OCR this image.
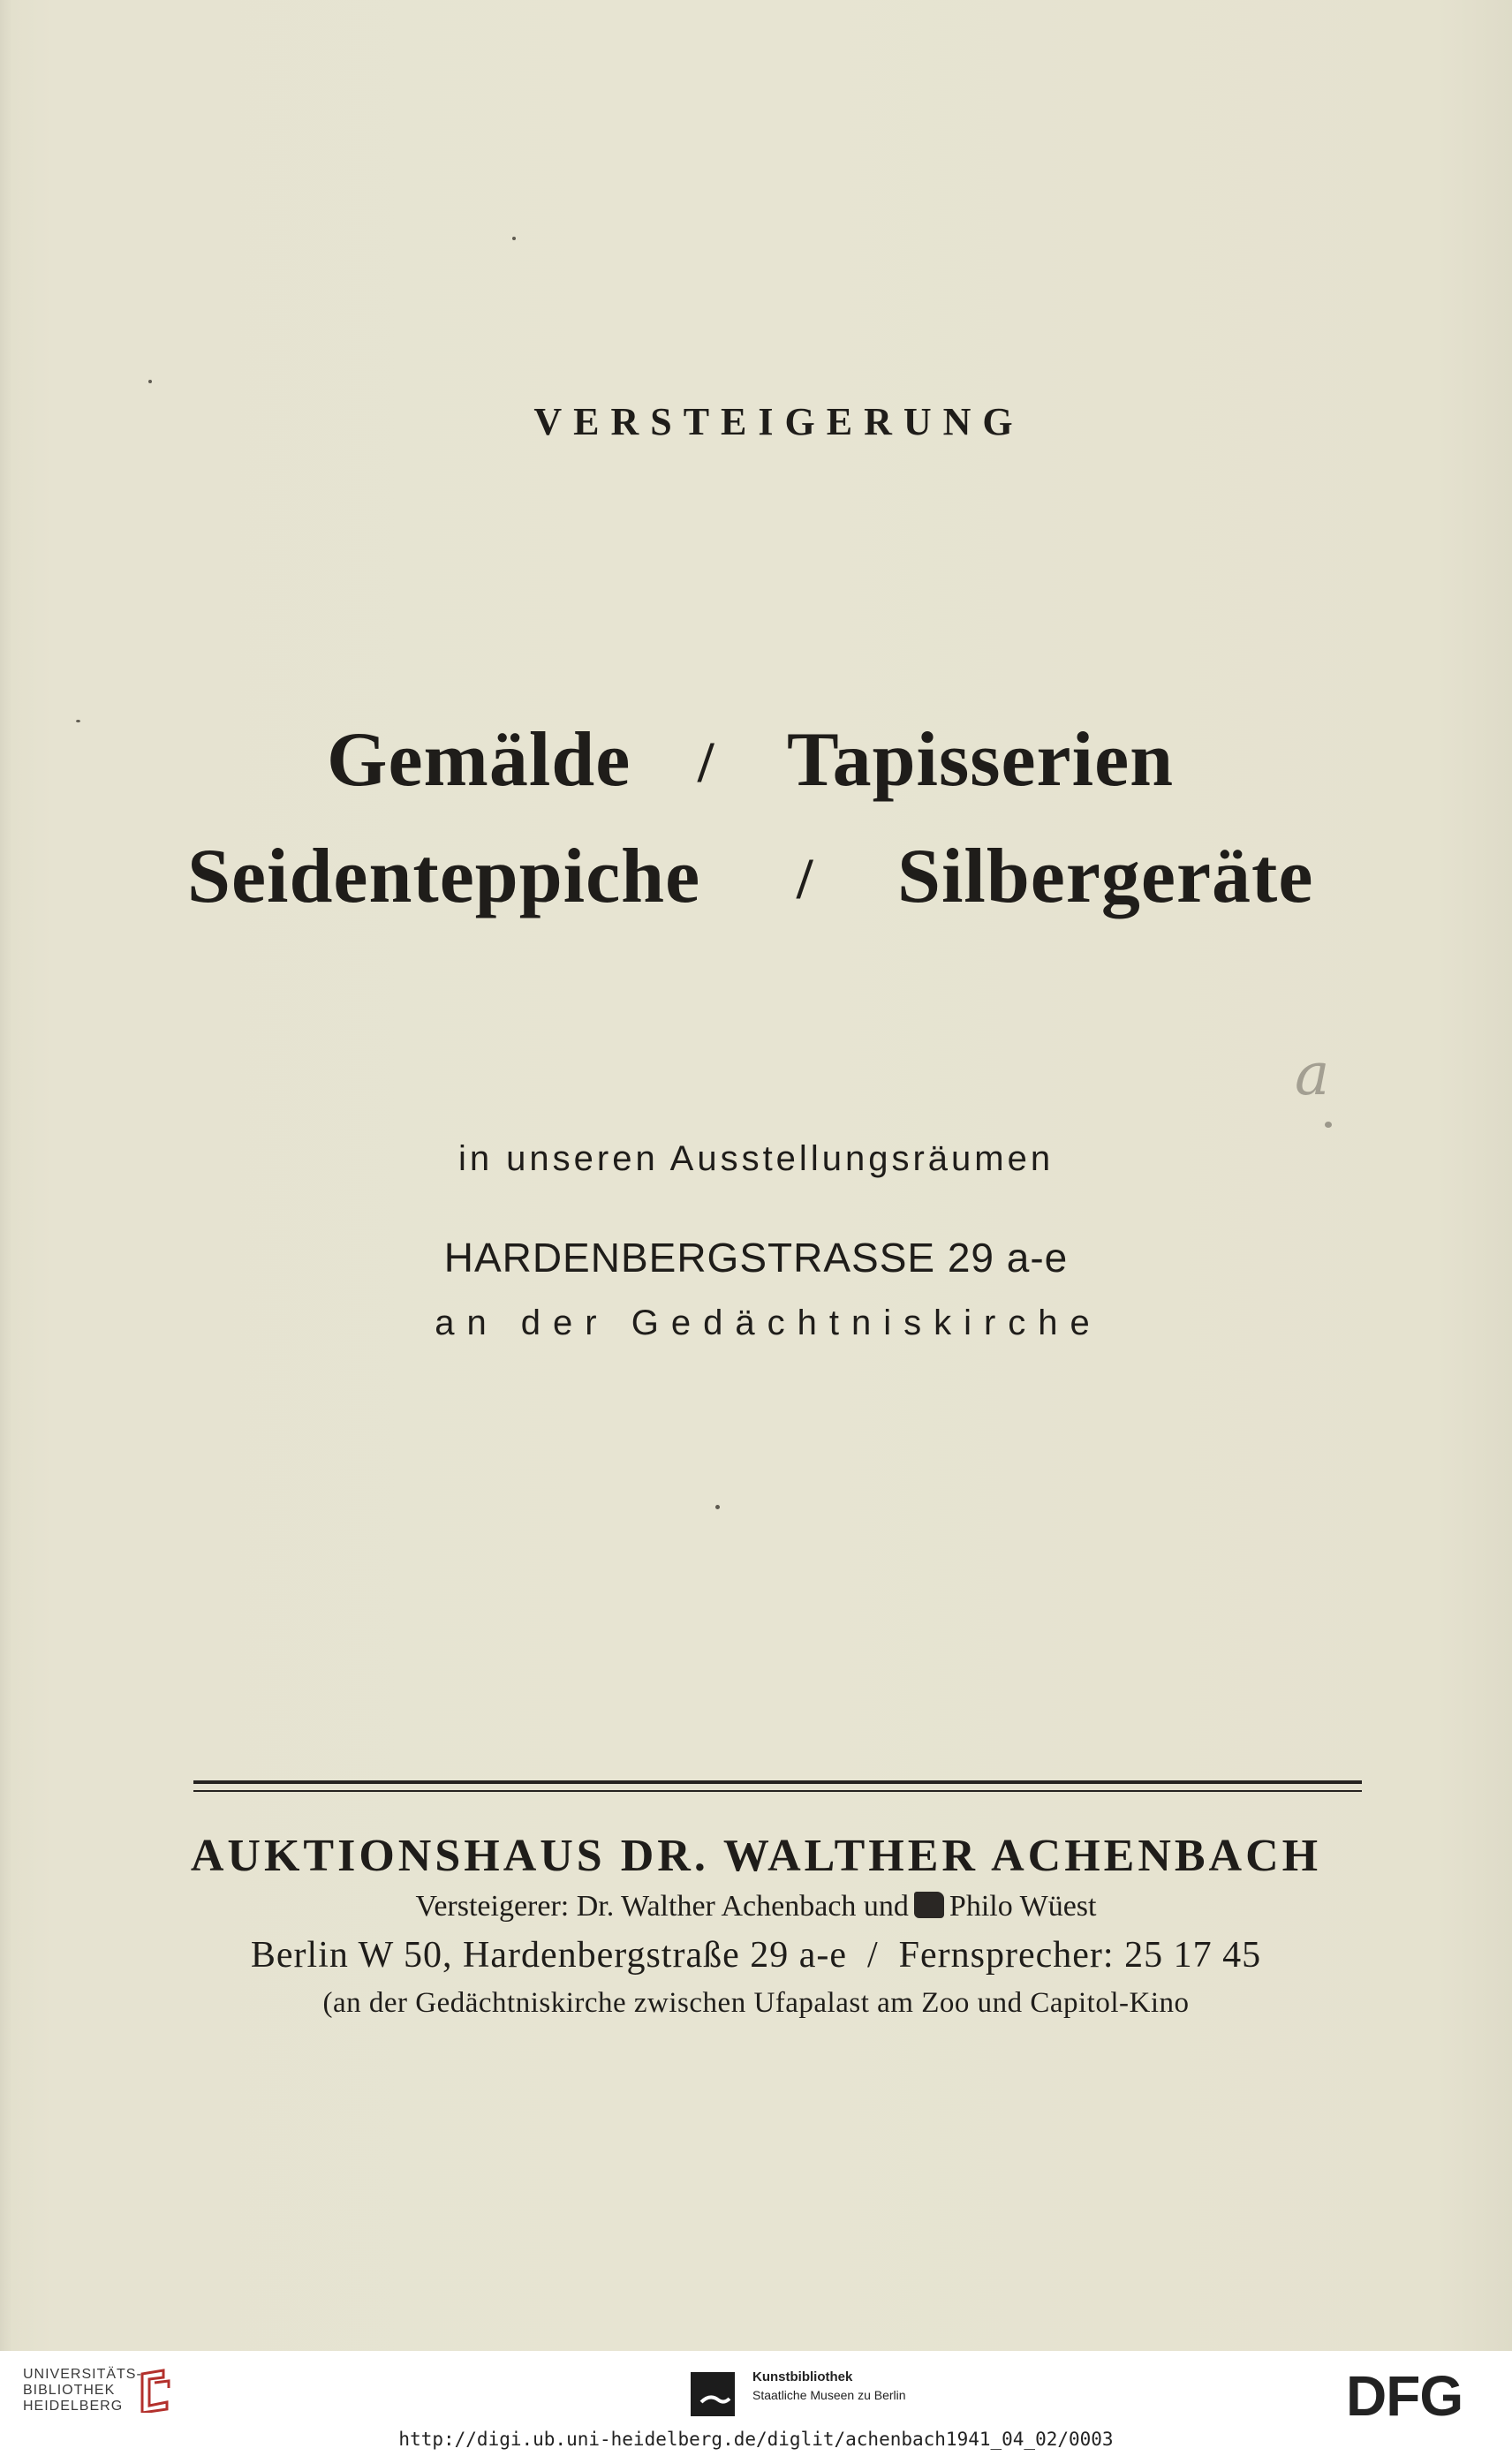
VERSTEIGERUNG
Gemälde / Tapisserien
Seidenteppiche / Silbergeräte
a
in unseren Ausstellungsräumen
HARDENBERGSTRASSE 29 a-e
an der Gedächtniskirche
AUKTIONSHAUS DR. WALTHER ACHENBACH
Versteigerer: Dr. Walther Achenbach und Philo Wüest
Berlin W 50, Hardenbergstraße 29 a-e  /  Fernsprecher: 25 17 45
(an der Gedächtniskirche zwischen Ufapalast am Zoo und Capitol-Kino
UNIVERSITÄTS-
BIBLIOTHEK
HEIDELBERG
Kunstbibliothek
Staatliche Museen zu Berlin	DFG
http://digi.ub.uni-heidelberg.de/diglit/achenbach1941_04_02/0003
